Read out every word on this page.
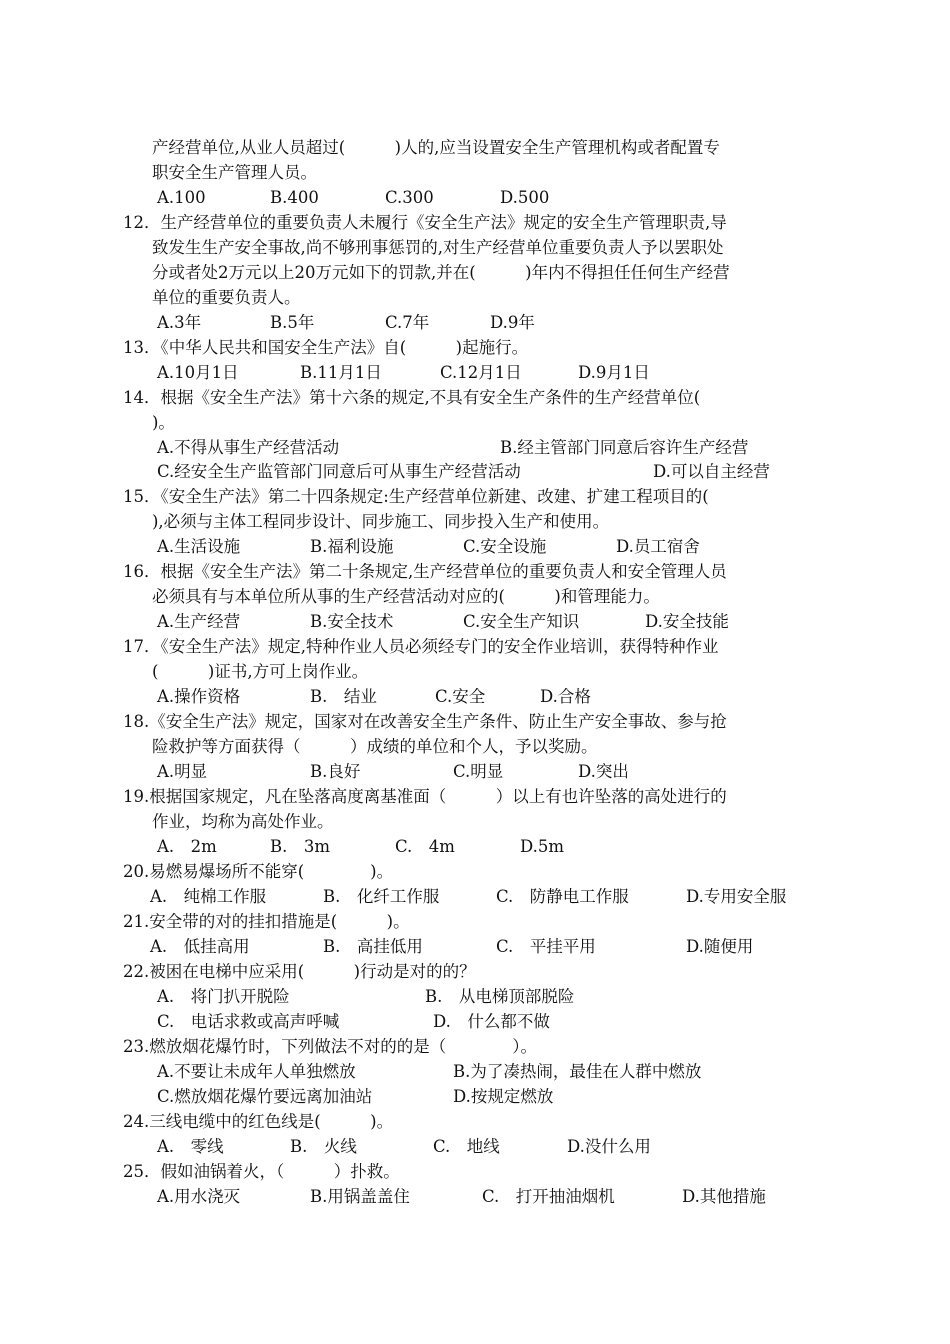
产经营单位,从业人员超过(　　　)人的,应当设置安全生产管理机构或者配置专
职安全生产管理人员。
A.100	B.400	C.300	D.500
12．生产经营单位的重要负责人未履行《安全生产法》规定的安全生产管理职责,导
致发生生产安全事故,尚不够刑事惩罚的,对生产经营单位重要负责人予以罢职处
分或者处2万元以上20万元如下的罚款,并在(　　　)年内不得担任任何生产经营
单位的重要负责人。
A.3年	B.5年	C.7年	D.9年
13．《中华人民共和国安全生产法》自(　　　)起施行。
A.10月1日	B.11月1日	C.12月1日	D.9月1日
14．根据《安全生产法》第十六条的规定,不具有安全生产条件的生产经营单位(
)。
A.不得从事生产经营活动	B.经主管部门同意后容许生产经营
C.经安全生产监管部门同意后可从事生产经营活动	D.可以自主经营
15．《安全生产法》第二十四条规定:生产经营单位新建、改建、扩建工程项目的(
),必须与主体工程同步设计、同步施工、同步投入生产和使用。
A.生活设施	B.福利设施	C.安全设施	D.员工宿舍
16．根据《安全生产法》第二十条规定,生产经营单位的重要负责人和安全管理人员
必须具有与本单位所从事的生产经营活动对应的(　　　)和管理能力。
A.生产经营	B.安全技术	C.安全生产知识	D.安全技能
17．《安全生产法》规定,特种作业人员必须经专门的安全作业培训，获得特种作业
(　　　)证书,方可上岗作业。
A.操作资格	B.　结业	C.安全	D.合格
18.《安全生产法》规定，国家对在改善安全生产条件、防止生产安全事故、参与抢
险救护等方面获得（　　　）成绩的单位和个人，予以奖励。
A.明显	B.良好	C.明显	D.突出
19.根据国家规定，凡在坠落高度离基准面（　　　）以上有也许坠落的高处进行的
作业，均称为高处作业。
A.　2m	B.　3m	C.　4m	D.5m
20.易燃易爆场所不能穿(　　　　)。
A.　纯棉工作服	B.　化纤工作服	C.　防静电工作服	D.专用安全服
21.安全带的对的挂扣措施是(　　　)。
A.　低挂高用	B.　高挂低用	C.　平挂平用	D.随便用
22.被困在电梯中应采用(　　　)行动是对的的？
A.　将门扒开脱险	B.　从电梯顶部脱险
C.　电话求救或高声呼喊	D.　什么都不做
23.燃放烟花爆竹时，下列做法不对的的是（　　　　）。
A.不要让未成年人单独燃放	B.为了凑热闹，最佳在人群中燃放
C.燃放烟花爆竹要远离加油站	D.按规定燃放
24.三线电缆中的红色线是(　　　)。
A.　零线	B.　火线	C.　地线	D.没什么用
25．假如油锅着火，（　　　）扑救。
A.用水浇灭	B.用锅盖盖住	C.　打开抽油烟机	D.其他措施
